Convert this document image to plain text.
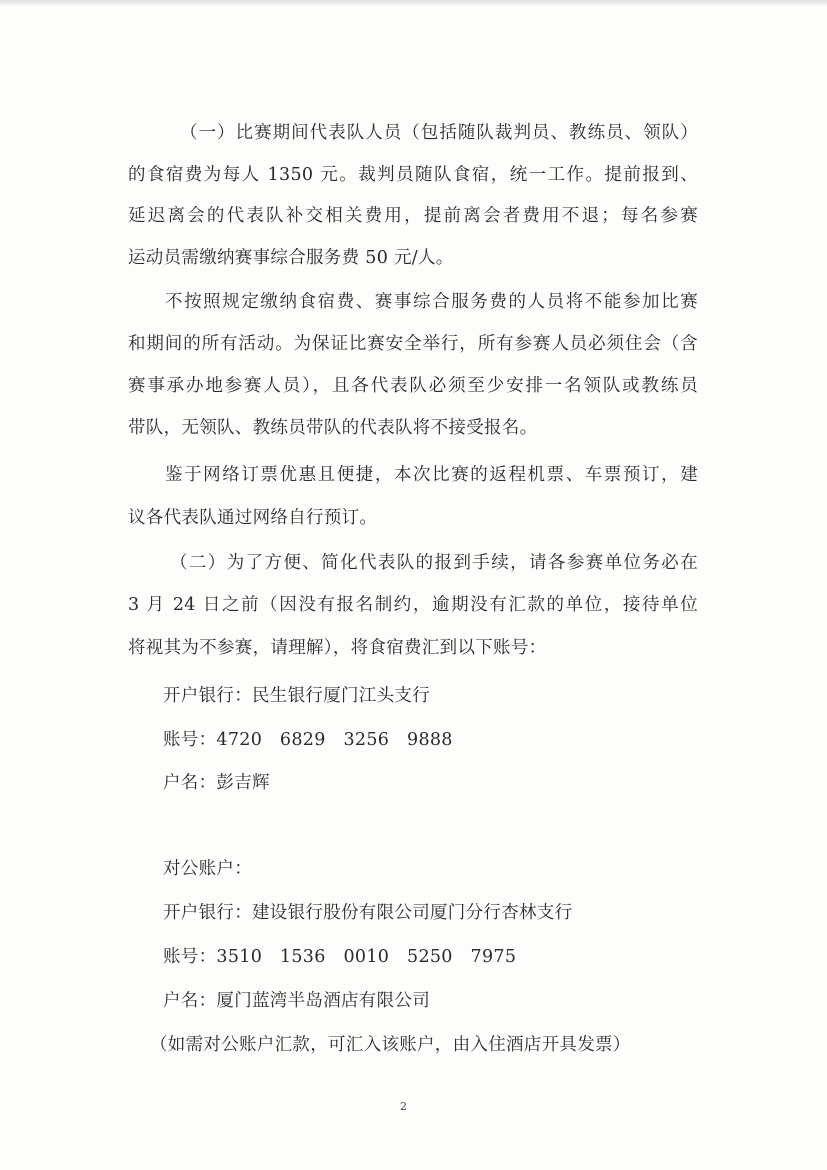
（一）比赛期间代表队人员（包括随队裁判员、教练员、领队）
的食宿费为每人 1350 元。裁判员随队食宿，统一工作。提前报到、
延迟离会的代表队补交相关费用，提前离会者费用不退；每名参赛
运动员需缴纳赛事综合服务费 50 元/人。
不按照规定缴纳食宿费、赛事综合服务费的人员将不能参加比赛
和期间的所有活动。为保证比赛安全举行，所有参赛人员必须住会（含
赛事承办地参赛人员），且各代表队必须至少安排一名领队或教练员
带队，无领队、教练员带队的代表队将不接受报名。
鉴于网络订票优惠且便捷，本次比赛的返程机票、车票预订，建
议各代表队通过网络自行预订。
（二）为了方便、简化代表队的报到手续，请各参赛单位务必在
3 月 24 日之前（因没有报名制约，逾期没有汇款的单位，接待单位
将视其为不参赛，请理解），将食宿费汇到以下账号：
开户银行：民生银行厦门江头支行
账号：4720　6829　3256　9888
户名：彭吉辉
对公账户：
开户银行：建设银行股份有限公司厦门分行杏林支行
账号：3510　1536　0010　5250　7975
户名：厦门蓝湾半岛酒店有限公司
（如需对公账户汇款，可汇入该账户，由入住酒店开具发票）
2
